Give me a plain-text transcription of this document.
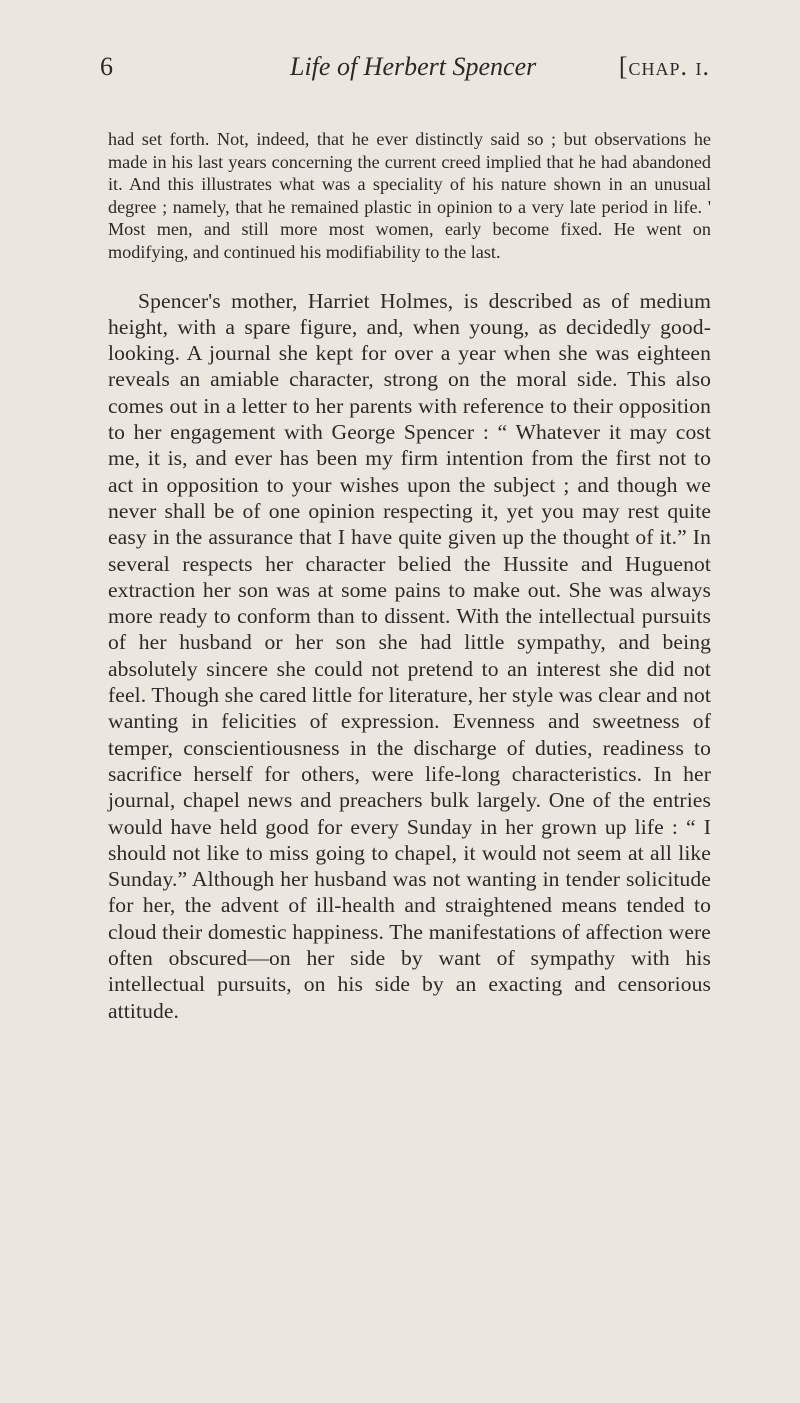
6	Life of Herbert Spencer	[chap. i.

had set forth. Not, indeed, that he ever distinctly said so ; but observations he made in his last years concerning the current creed implied that he had abandoned it. And this illustrates what was a speciality of his nature shown in an unusual degree ; namely, that he remained plastic in opinion to a very late period in life. ' Most men, and still more most women, early become fixed. He went on modifying, and continued his modifiability to the last.

Spencer's mother, Harriet Holmes, is described as of medium height, with a spare figure, and, when young, as decidedly good-looking. A journal she kept for over a year when she was eighteen reveals an amiable character, strong on the moral side. This also comes out in a letter to her parents with reference to their opposition to her engagement with George Spencer : “ Whatever it may cost me, it is, and ever has been my firm intention from the first not to act in opposition to your wishes upon the subject ; and though we never shall be of one opinion respecting it, yet you may rest quite easy in the assurance that I have quite given up the thought of it.” In several respects her character belied the Hussite and Huguenot extraction her son was at some pains to make out. She was always more ready to conform than to dissent. With the intellectual pursuits of her husband or her son she had little sympathy, and being absolutely sincere she could not pretend to an interest she did not feel. Though she cared little for literature, her style was clear and not wanting in felicities of expression. Evenness and sweetness of temper, conscientiousness in the discharge of duties, readiness to sacrifice herself for others, were life-long characteristics. In her journal, chapel news and preachers bulk largely. One of the entries would have held good for every Sunday in her grown up life : “ I should not like to miss going to chapel, it would not seem at all like Sunday.” Although her husband was not wanting in tender solicitude for her, the advent of ill-health and straightened means tended to cloud their domestic happiness. The manifestations of affection were often obscured—on her side by want of sympathy with his intellectual pursuits, on his side by an exacting and censorious attitude.
